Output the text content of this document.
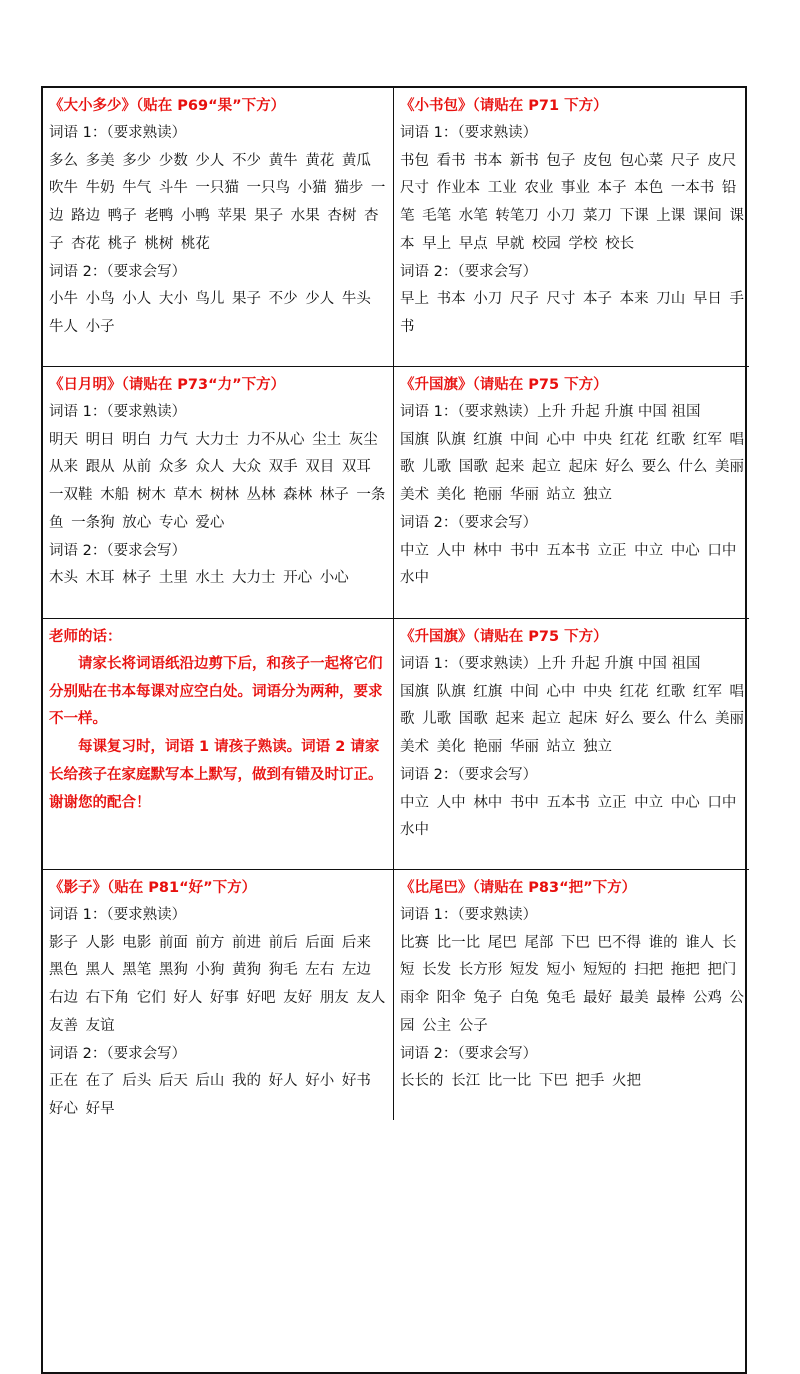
《大小多少》（贴在 P69“果”下方）
词语 1：（要求熟读）
多么 多美 多少 少数 少人 不少 黄牛 黄花 黄瓜 吹牛 牛奶 牛气 斗牛 一只猫 一只鸟 小猫 猫步 一边 路边 鸭子 老鸭 小鸭 苹果 果子 水果 杏树 杏子 杏花 桃子 桃树 桃花
词语 2：（要求会写）
小牛 小鸟 小人 大小 鸟儿 果子 不少 少人 牛头 牛人 小子
《小书包》（请贴在 P71 下方）
词语 1：（要求熟读）
书包 看书 书本 新书 包子 皮包 包心菜 尺子 皮尺 尺寸 作业本 工业 农业 事业 本子 本色 一本书 铅笔 毛笔 水笔 转笔刀 小刀 菜刀 下课 上课 课间 课本 早上 早点 早就 校园 学校 校长
词语 2：（要求会写）
早上 书本 小刀 尺子 尺寸 本子 本来 刀山 早日 手书
《日月明》（请贴在 P73“力”下方）
词语 1：（要求熟读）
明天 明日 明白 力气 大力士 力不从心 尘土 灰尘 从来 跟从 从前 众多 众人 大众 双手 双目 双耳 一双鞋 木船 树木 草木 树林 丛林 森林 林子 一条鱼 一条狗 放心 专心 爱心
词语 2：（要求会写）
木头 木耳 林子 土里 水土 大力士 开心 小心
《升国旗》（请贴在 P75 下方）
词语 1：（要求熟读）上升 升起 升旗 中国 祖国
国旗 队旗 红旗 中间 心中 中央 红花 红歌 红军 唱歌 儿歌 国歌 起来 起立 起床 好么 要么 什么 美丽 美术 美化 艳丽 华丽 站立 独立
词语 2：（要求会写）
中立 人中 林中 书中 五本书 立正 中立 中心 口中 水中
老师的话：

请家长将词语纸沿边剪下后，和孩子一起将它们分别贴在书本每课对应空白处。词语分为两种，要求不一样。

每课复习时，词语 1 请孩子熟读。词语 2 请家长给孩子在家庭默写本上默写，做到有错及时订正。谢谢您的配合！

《升国旗》（请贴在 P75 下方）
词语 1：（要求熟读）上升 升起 升旗 中国 祖国
国旗 队旗 红旗 中间 心中 中央 红花 红歌 红军 唱歌 儿歌 国歌 起来 起立 起床 好么 要么 什么 美丽 美术 美化 艳丽 华丽 站立 独立
词语 2：（要求会写）
中立 人中 林中 书中 五本书 立正 中立 中心 口中 水中
《影子》（贴在 P81“好”下方）
词语 1：（要求熟读）
影子 人影 电影 前面 前方 前进 前后 后面 后来 黑色 黑人 黑笔 黑狗 小狗 黄狗 狗毛 左右 左边 右边 右下角 它们 好人 好事 好吧 友好 朋友 友人 友善 友谊
词语 2：（要求会写）
正在 在了 后头 后天 后山 我的 好人 好小 好书 好心 好早
《比尾巴》（请贴在 P83“把”下方）
词语 1：（要求熟读）
比赛 比一比 尾巴 尾部 下巴 巴不得 谁的 谁人 长短 长发 长方形 短发 短小 短短的 扫把 拖把 把门 雨伞 阳伞 兔子 白兔 兔毛 最好 最美 最棒 公鸡 公园 公主 公子
词语 2：（要求会写）
长长的 长江 比一比 下巴 把手 火把
